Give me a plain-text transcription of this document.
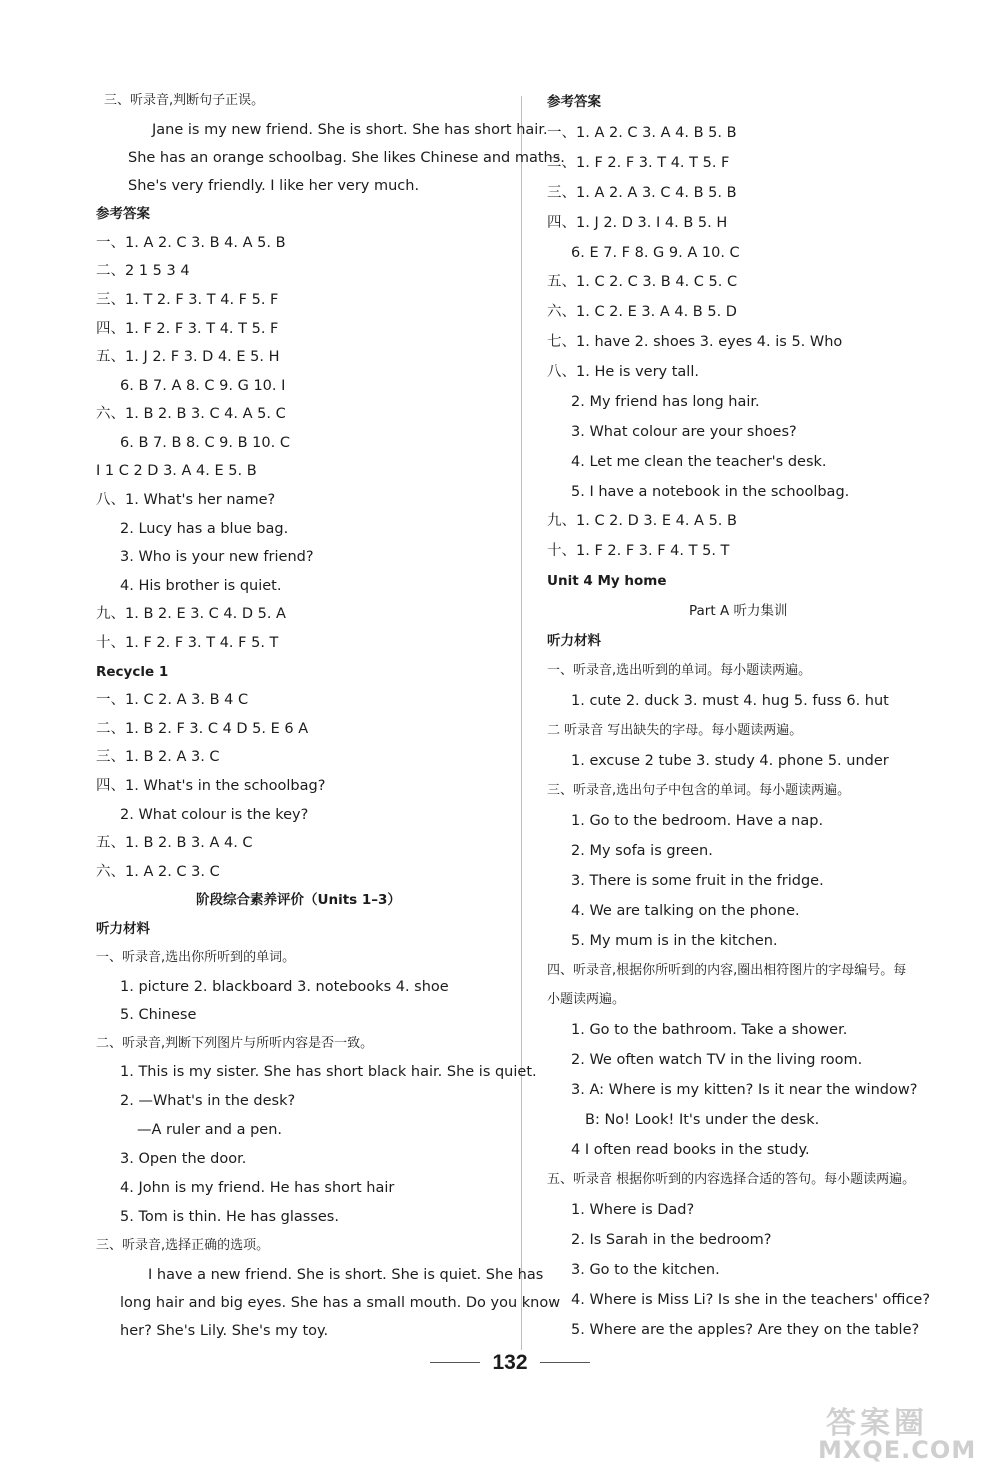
三、听录音,判断句子正误。
Jane is my new friend. She is short. She has short hair.
She has an orange schoolbag. She likes Chinese and maths.
She's very friendly. I like her very much.
参考答案
一、1. A 2. C 3. B 4. A 5. B
二、2 1 5 3 4
三、1. T 2. F 3. T 4. F 5. F
四、1. F 2. F 3. T 4. T 5. F
五、1. J 2. F 3. D 4. E 5. H
6. B 7. A 8. C 9. G 10. I
六、1. B 2. B 3. C 4. A 5. C
6. B 7. B 8. C 9. B 10. C
I 1 C 2 D 3. A 4. E 5. B
八、1. What's her name?
2. Lucy has a blue bag.
3. Who is your new friend?
4. His brother is quiet.
九、1. B 2. E 3. C 4. D 5. A
十、1. F 2. F 3. T 4. F 5. T
Recycle 1
一、1. C 2. A 3. B 4 C
二、1. B 2. F 3. C 4 D 5. E 6 A
三、1. B 2. A 3. C
四、1. What's in the schoolbag?
2. What colour is the key?
五、1. B 2. B 3. A 4. C
六、1. A 2. C 3. C
阶段综合素养评价（Units 1–3）
听力材料
一、听录音,选出你所听到的单词。
1. picture 2. blackboard 3. notebooks 4. shoe
5. Chinese
二、听录音,判断下列图片与所听内容是否一致。
1. This is my sister. She has short black hair. She is quiet.
2. —What's in the desk?
—A ruler and a pen.
3. Open the door.
4. John is my friend. He has short hair
5. Tom is thin. He has glasses.
三、听录音,选择正确的选项。
I have a new friend. She is short. She is quiet. She has
long hair and big eyes. She has a small mouth. Do you know
her? She's Lily. She's my toy.
参考答案
一、1. A 2. C 3. A 4. B 5. B
二、1. F 2. F 3. T 4. T 5. F
三、1. A 2. A 3. C 4. B 5. B
四、1. J 2. D 3. I 4. B 5. H
6. E 7. F 8. G 9. A 10. C
五、1. C 2. C 3. B 4. C 5. C
六、1. C 2. E 3. A 4. B 5. D
七、1. have 2. shoes 3. eyes 4. is 5. Who
八、1. He is very tall.
2. My friend has long hair.
3. What colour are your shoes?
4. Let me clean the teacher's desk.
5. I have a notebook in the schoolbag.
九、1. C 2. D 3. E 4. A 5. B
十、1. F 2. F 3. F 4. T 5. T
Unit 4 My home
Part A 听力集训
听力材料
一、听录音,选出听到的单词。每小题读两遍。
1. cute 2. duck 3. must 4. hug 5. fuss 6. hut
二 听录音 写出缺失的字母。每小题读两遍。
1. excuse 2 tube 3. study 4. phone 5. under
三、听录音,选出句子中包含的单词。每小题读两遍。
1. Go to the bedroom. Have a nap.
2. My sofa is green.
3. There is some fruit in the fridge.
4. We are talking on the phone.
5. My mum is in the kitchen.
四、听录音,根据你所听到的内容,圈出相符图片的字母编号。每
小题读两遍。
1. Go to the bathroom. Take a shower.
2. We often watch TV in the living room.
3. A: Where is my kitten? Is it near the window?
B: No! Look! It's under the desk.
4 I often read books in the study.
五、听录音 根据你听到的内容选择合适的答句。每小题读两遍。
1. Where is Dad?
2. Is Sarah in the bedroom?
3. Go to the kitchen.
4. Where is Miss Li? Is she in the teachers' office?
5. Where are the apples? Are they on the table?
132
答案圈
MXQE.COM
